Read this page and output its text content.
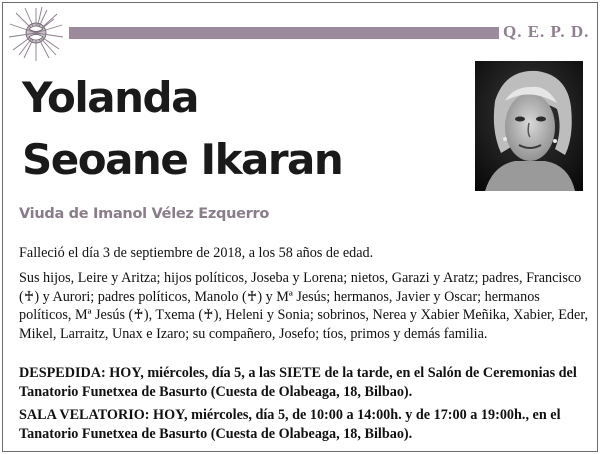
Q. E. P. D.
Yolanda
Seoane Ikaran
Viuda de Imanol Vélez Ezquerro
Falleció el día 3 de septiembre de 2018, a los 58 años de edad.
Sus hijos, Leire y Aritza; hijos políticos, Joseba y Lorena; nietos, Garazi y Aratz; padres, Francisco (♰) y Aurori; padres políticos, Manolo (♰) y Mª Jesús; hermanos, Javier y Oscar; hermanos políticos, Mª Jesús (♰), Txema (♰), Heleni y Sonia; sobrinos, Nerea y Xabier Meñika, Xabier, Eder, Mikel, Larraitz, Unax e Izaro; su compañero, Josefo; tíos, primos y demás familia.
DESPEDIDA: HOY, miércoles, día 5, a las SIETE de la tarde, en el Salón de Ceremonias del Tanatorio Funetxea de Basurto (Cuesta de Olabeaga, 18, Bilbao).
SALA VELATORIO: HOY, miércoles, día 5, de 10:00 a 14:00h. y de 17:00 a 19:00h., en el Tanatorio Funetxea de Basurto (Cuesta de Olabeaga, 18, Bilbao).
